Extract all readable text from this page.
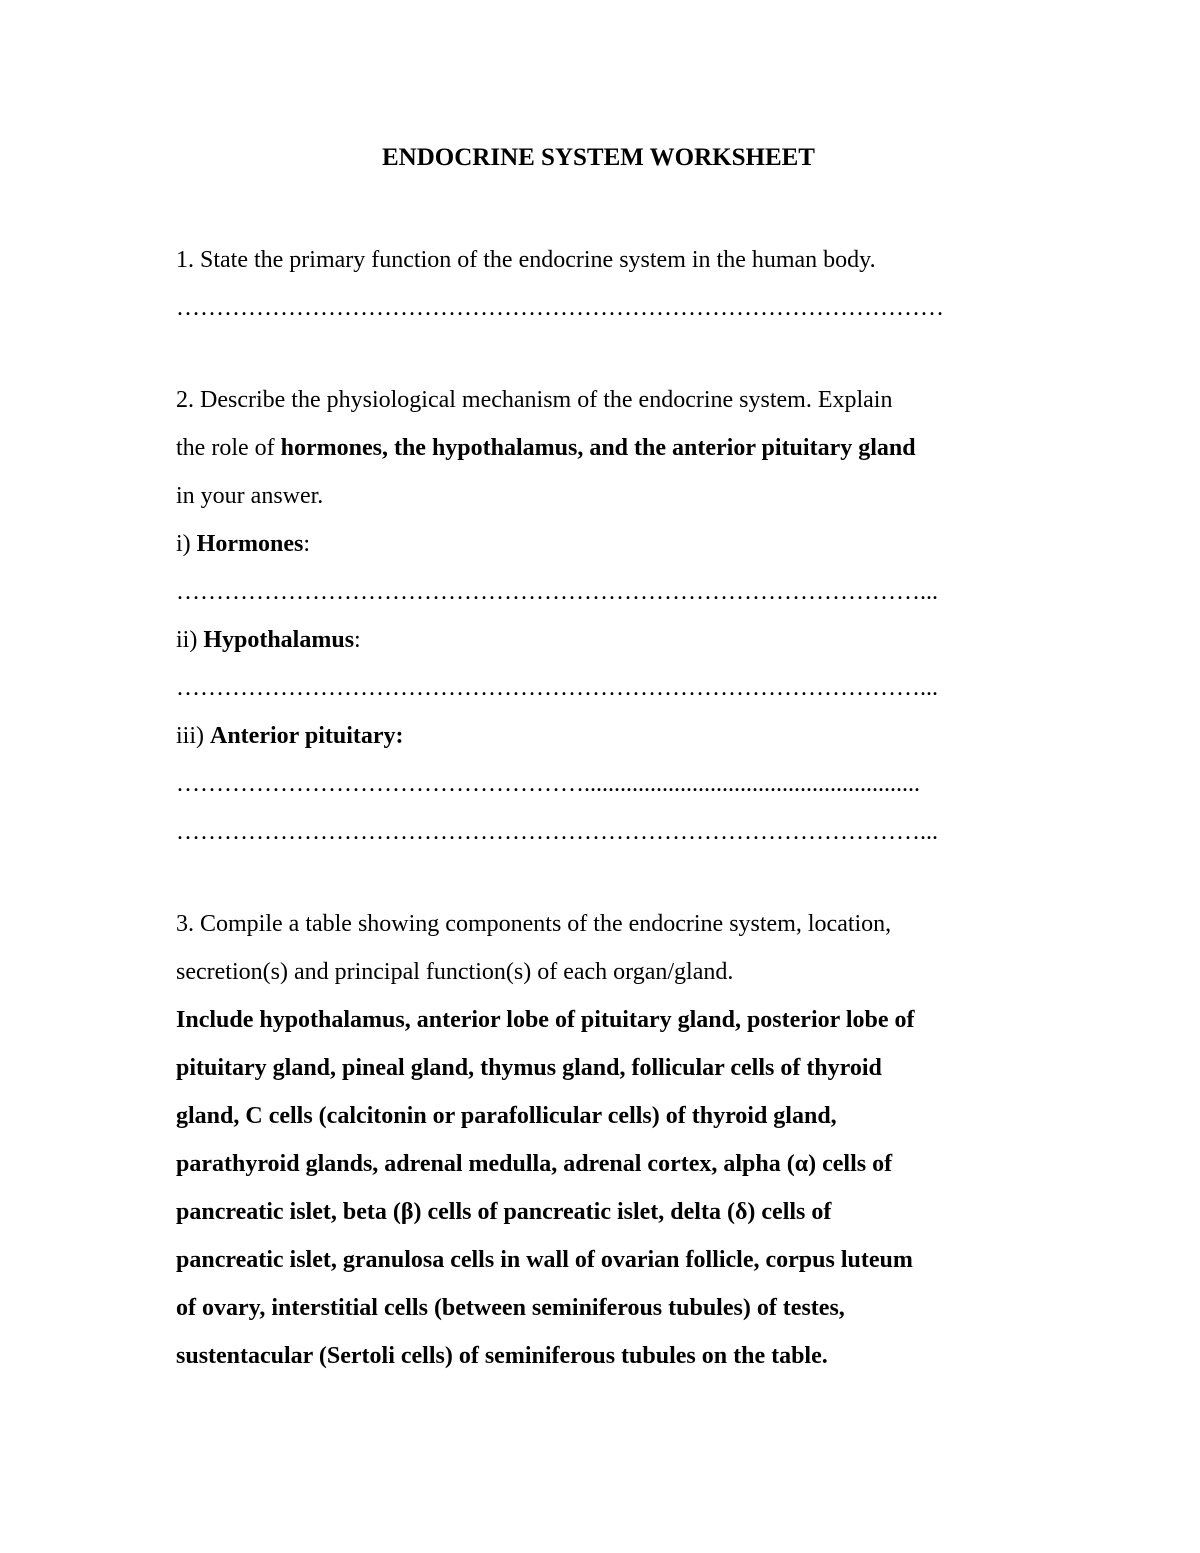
ENDOCRINE SYSTEM WORKSHEET

1. State the primary function of the endocrine system in the human body.

……………………………………………………………………………………

2. Describe the physiological mechanism of the endocrine system. Explain

the role of hormones, the hypothalamus, and the anterior pituitary gland

in your answer.

i) Hormones:

…………………………………………………………………………………...

ii) Hypothalamus:

…………………………………………………………………………………...

iii) Anterior pituitary:

……………………………………………........................................................

…………………………………………………………………………………...

3. Compile a table showing components of the endocrine system, location,

secretion(s) and principal function(s) of each organ/gland.

Include hypothalamus, anterior lobe of pituitary gland, posterior lobe of

pituitary gland, pineal gland, thymus gland, follicular cells of thyroid

gland, C cells (calcitonin or parafollicular cells) of thyroid gland,

parathyroid glands, adrenal medulla, adrenal cortex, alpha (α) cells of

pancreatic islet, beta (β) cells of pancreatic islet, delta (δ) cells of

pancreatic islet, granulosa cells in wall of ovarian follicle, corpus luteum

of ovary, interstitial cells (between seminiferous tubules) of testes,

sustentacular (Sertoli cells) of seminiferous tubules on the table.
